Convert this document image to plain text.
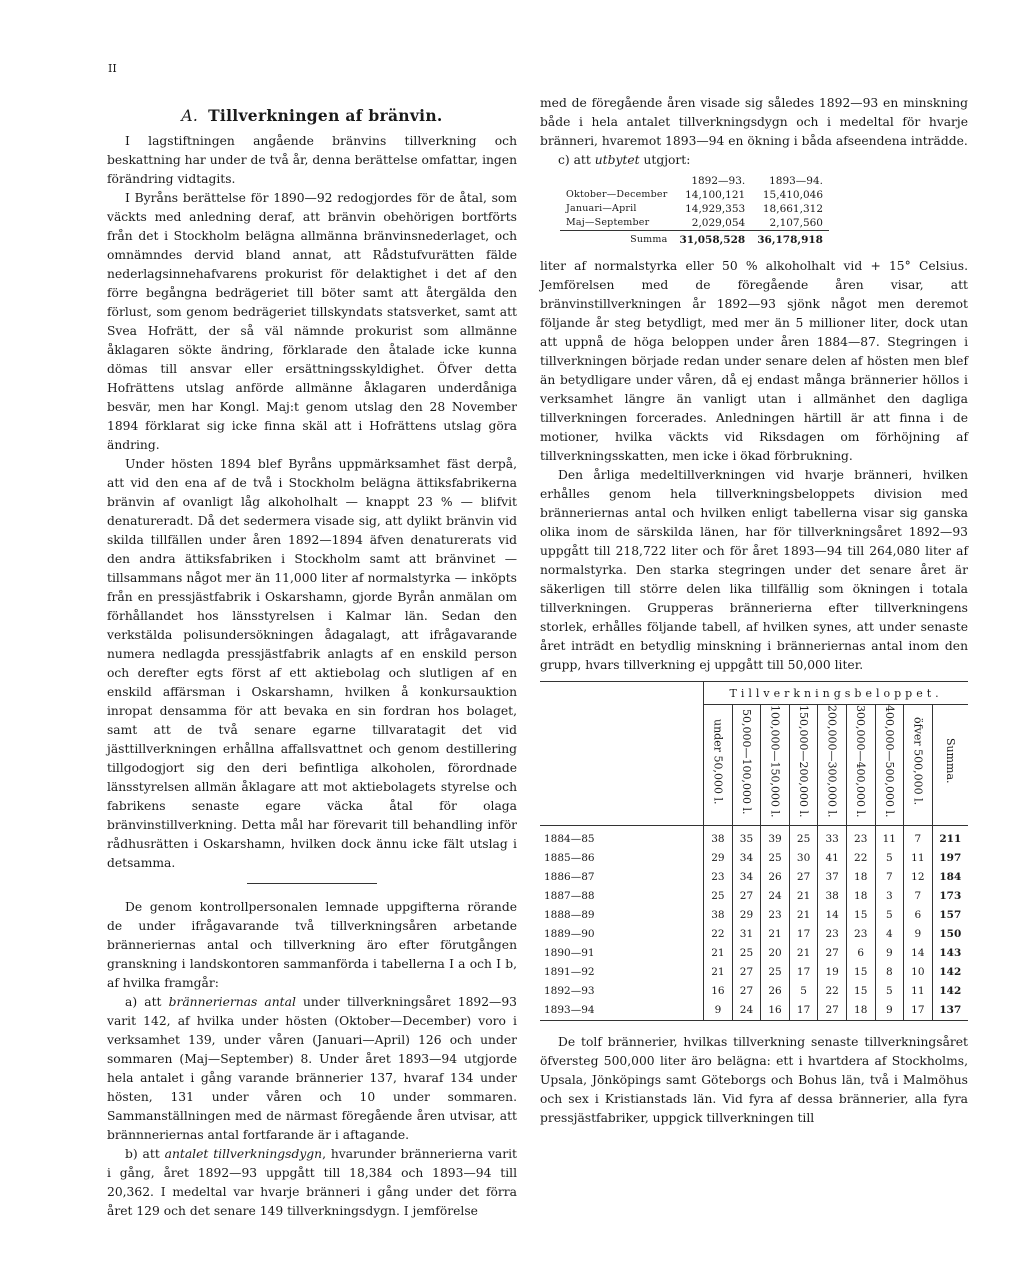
II

A. Tillverkningen af bränvin.

I lagstiftningen angående bränvins tillverkning och beskattning har under de två år, denna berättelse omfattar, ingen förändring vidtagits.

I Byråns berättelse för 1890—92 redogjordes för de åtal, som väckts med anledning deraf, att bränvin obehörigen bortförts från det i Stockholm belägna allmänna bränvinsnederlaget, och omnämndes dervid bland annat, att Rådstufvurätten fälde nederlagsinnehafvarens prokurist för delaktighet i det af den förre begångna bedrägeriet till böter samt att återgälda den förlust, som genom bedrägeriet tillskyndats statsverket, samt att Svea Hofrätt, der så väl nämnde prokurist som allmänne åklagaren sökte ändring, förklarade den åtalade icke kunna dömas till ansvar eller ersättningsskyldighet. Öfver detta Hofrättens utslag anförde allmänne åklagaren underdåniga besvär, men har Kongl. Maj:t genom utslag den 28 November 1894 förklarat sig icke finna skäl att i Hofrättens utslag göra ändring.

Under hösten 1894 blef Byråns uppmärksamhet fäst derpå, att vid den ena af de två i Stockholm belägna ättiksfabrikerna bränvin af ovanligt låg alkoholhalt — knappt 23 % — blifvit denatureradt. Då det sedermera visade sig, att dylikt bränvin vid skilda tillfällen under åren 1892—1894 äfven denaturerats vid den andra ättiksfabriken i Stockholm samt att bränvinet — tillsammans något mer än 11,000 liter af normalstyrka — inköpts från en pressjästfabrik i Oskarshamn, gjorde Byrån anmälan om förhållandet hos länsstyrelsen i Kalmar län. Sedan den verkstälda polisundersökningen ådagalagt, att ifrågavarande numera nedlagda pressjästfabrik anlagts af en enskild person och derefter egts först af ett aktiebolag och slutligen af en enskild affärsman i Oskarshamn, hvilken å konkursauktion inropat densamma för att bevaka en sin fordran hos bolaget, samt att de två senare egarne tillvaratagit det vid jästtillverkningen erhållna affallsvattnet och genom destillering tillgodogjort sig den deri befintliga alkoholen, förordnade länsstyrelsen allmän åklagare att mot aktiebolagets styrelse och fabrikens senaste egare väcka åtal för olaga bränvinstillverkning. Detta mål har förevarit till behandling inför rådhusrätten i Oskarshamn, hvilken dock ännu icke fält utslag i detsamma.

De genom kontrollpersonalen lemnade uppgifterna rörande de under ifrågavarande två tillverkningsåren arbetande bränneriernas antal och tillverkning äro efter förutgången granskning i landskontoren sammanförda i tabellerna I a och I b, af hvilka framgår:

a) att bränneriernas antal under tillverkningsåret 1892—93 varit 142, af hvilka under hösten (Oktober—December) voro i verksamhet 139, under våren (Januari—April) 126 och under sommaren (Maj—September) 8. Under året 1893—94 utgjorde hela antalet i gång varande brännerier 137, hvaraf 134 under hösten, 131 under våren och 10 under sommaren. Sammanställningen med de närmast föregående åren utvisar, att brännneriernas antal fortfarande är i aftagande.

b) att antalet tillverkningsdygn, hvarunder brännerierna varit i gång, året 1892—93 uppgått till 18,384 och 1893—94 till 20,362. I medeltal var hvarje bränneri i gång under det förra året 129 och det senare 149 tillverkningsdygn. I jemförelse

med de föregående åren visade sig således 1892—93 en minskning både i hela antalet tillverkningsdygn och i medeltal för hvarje bränneri, hvaremot 1893—94 en ökning i båda afseendena inträdde.

c) att utbytet utgjort:

	1892—93.	1893—94.
Oktober—December	14,100,121	15,410,046
Januari—April	14,929,353	18,661,312
Maj—September	2,029,054	2,107,560
Summa	31,058,528	36,178,918

liter af normalstyrka eller 50 % alkoholhalt vid + 15° Celsius. Jemförelsen med de föregående åren visar, att bränvinstillverkningen år 1892—93 sjönk något men deremot följande år steg betydligt, med mer än 5 millioner liter, dock utan att uppnå de höga beloppen under åren 1884—87. Stegringen i tillverkningen började redan under senare delen af hösten men blef än betydligare under våren, då ej endast många brännerier höllos i verksamhet längre än vanligt utan i allmänhet den dagliga tillverkningen forcerades. Anledningen härtill är att finna i de motioner, hvilka väckts vid Riksdagen om förhöjning af tillverkningsskatten, men icke i ökad förbrukning.

Den årliga medeltillverkningen vid hvarje bränneri, hvilken erhålles genom hela tillverkningsbeloppets division med bränneriernas antal och hvilken enligt tabellerna visar sig ganska olika inom de särskilda länen, har för tillverkningsåret 1892—93 uppgått till 218,722 liter och för året 1893—94 till 264,080 liter af normalstyrka. Den starka stegringen under det senare året är säkerligen till större delen lika tillfällig som ökningen i totala tillverkningen. Grupperas brännerierna efter tillverkningens storlek, erhålles följande tabell, af hvilken synes, att under senaste året inträdt en betydlig minskning i bränneriernas antal inom den grupp, hvars tillverkning ej uppgått till 50,000 liter.

	Tillverkningsbeloppet.								
	under 50,000 l.	50,000—100,000 l.	100,000—150,000 l.	150,000—200,000 l.	200,000—300,000 l.	300,000—400,000 l.	400,000—500,000 l.	öfver 500,000 l.	Summa.
1884—85	38	35	39	25	33	23	11	7	211
1885—86	29	34	25	30	41	22	5	11	197
1886—87	23	34	26	27	37	18	7	12	184
1887—88	25	27	24	21	38	18	3	7	173
1888—89	38	29	23	21	14	15	5	6	157
1889—90	22	31	21	17	23	23	4	9	150
1890—91	21	25	20	21	27	6	9	14	143
1891—92	21	27	25	17	19	15	8	10	142
1892—93	16	27	26	5	22	15	5	11	142
1893—94	9	24	16	17	27	18	9	17	137

De tolf brännerier, hvilkas tillverkning senaste tillverkningsåret öfversteg 500,000 liter äro belägna: ett i hvartdera af Stockholms, Upsala, Jönköpings samt Göteborgs och Bohus län, två i Malmöhus och sex i Kristianstads län. Vid fyra af dessa brännerier, alla fyra pressjästfabriker, uppgick tillverkningen till
